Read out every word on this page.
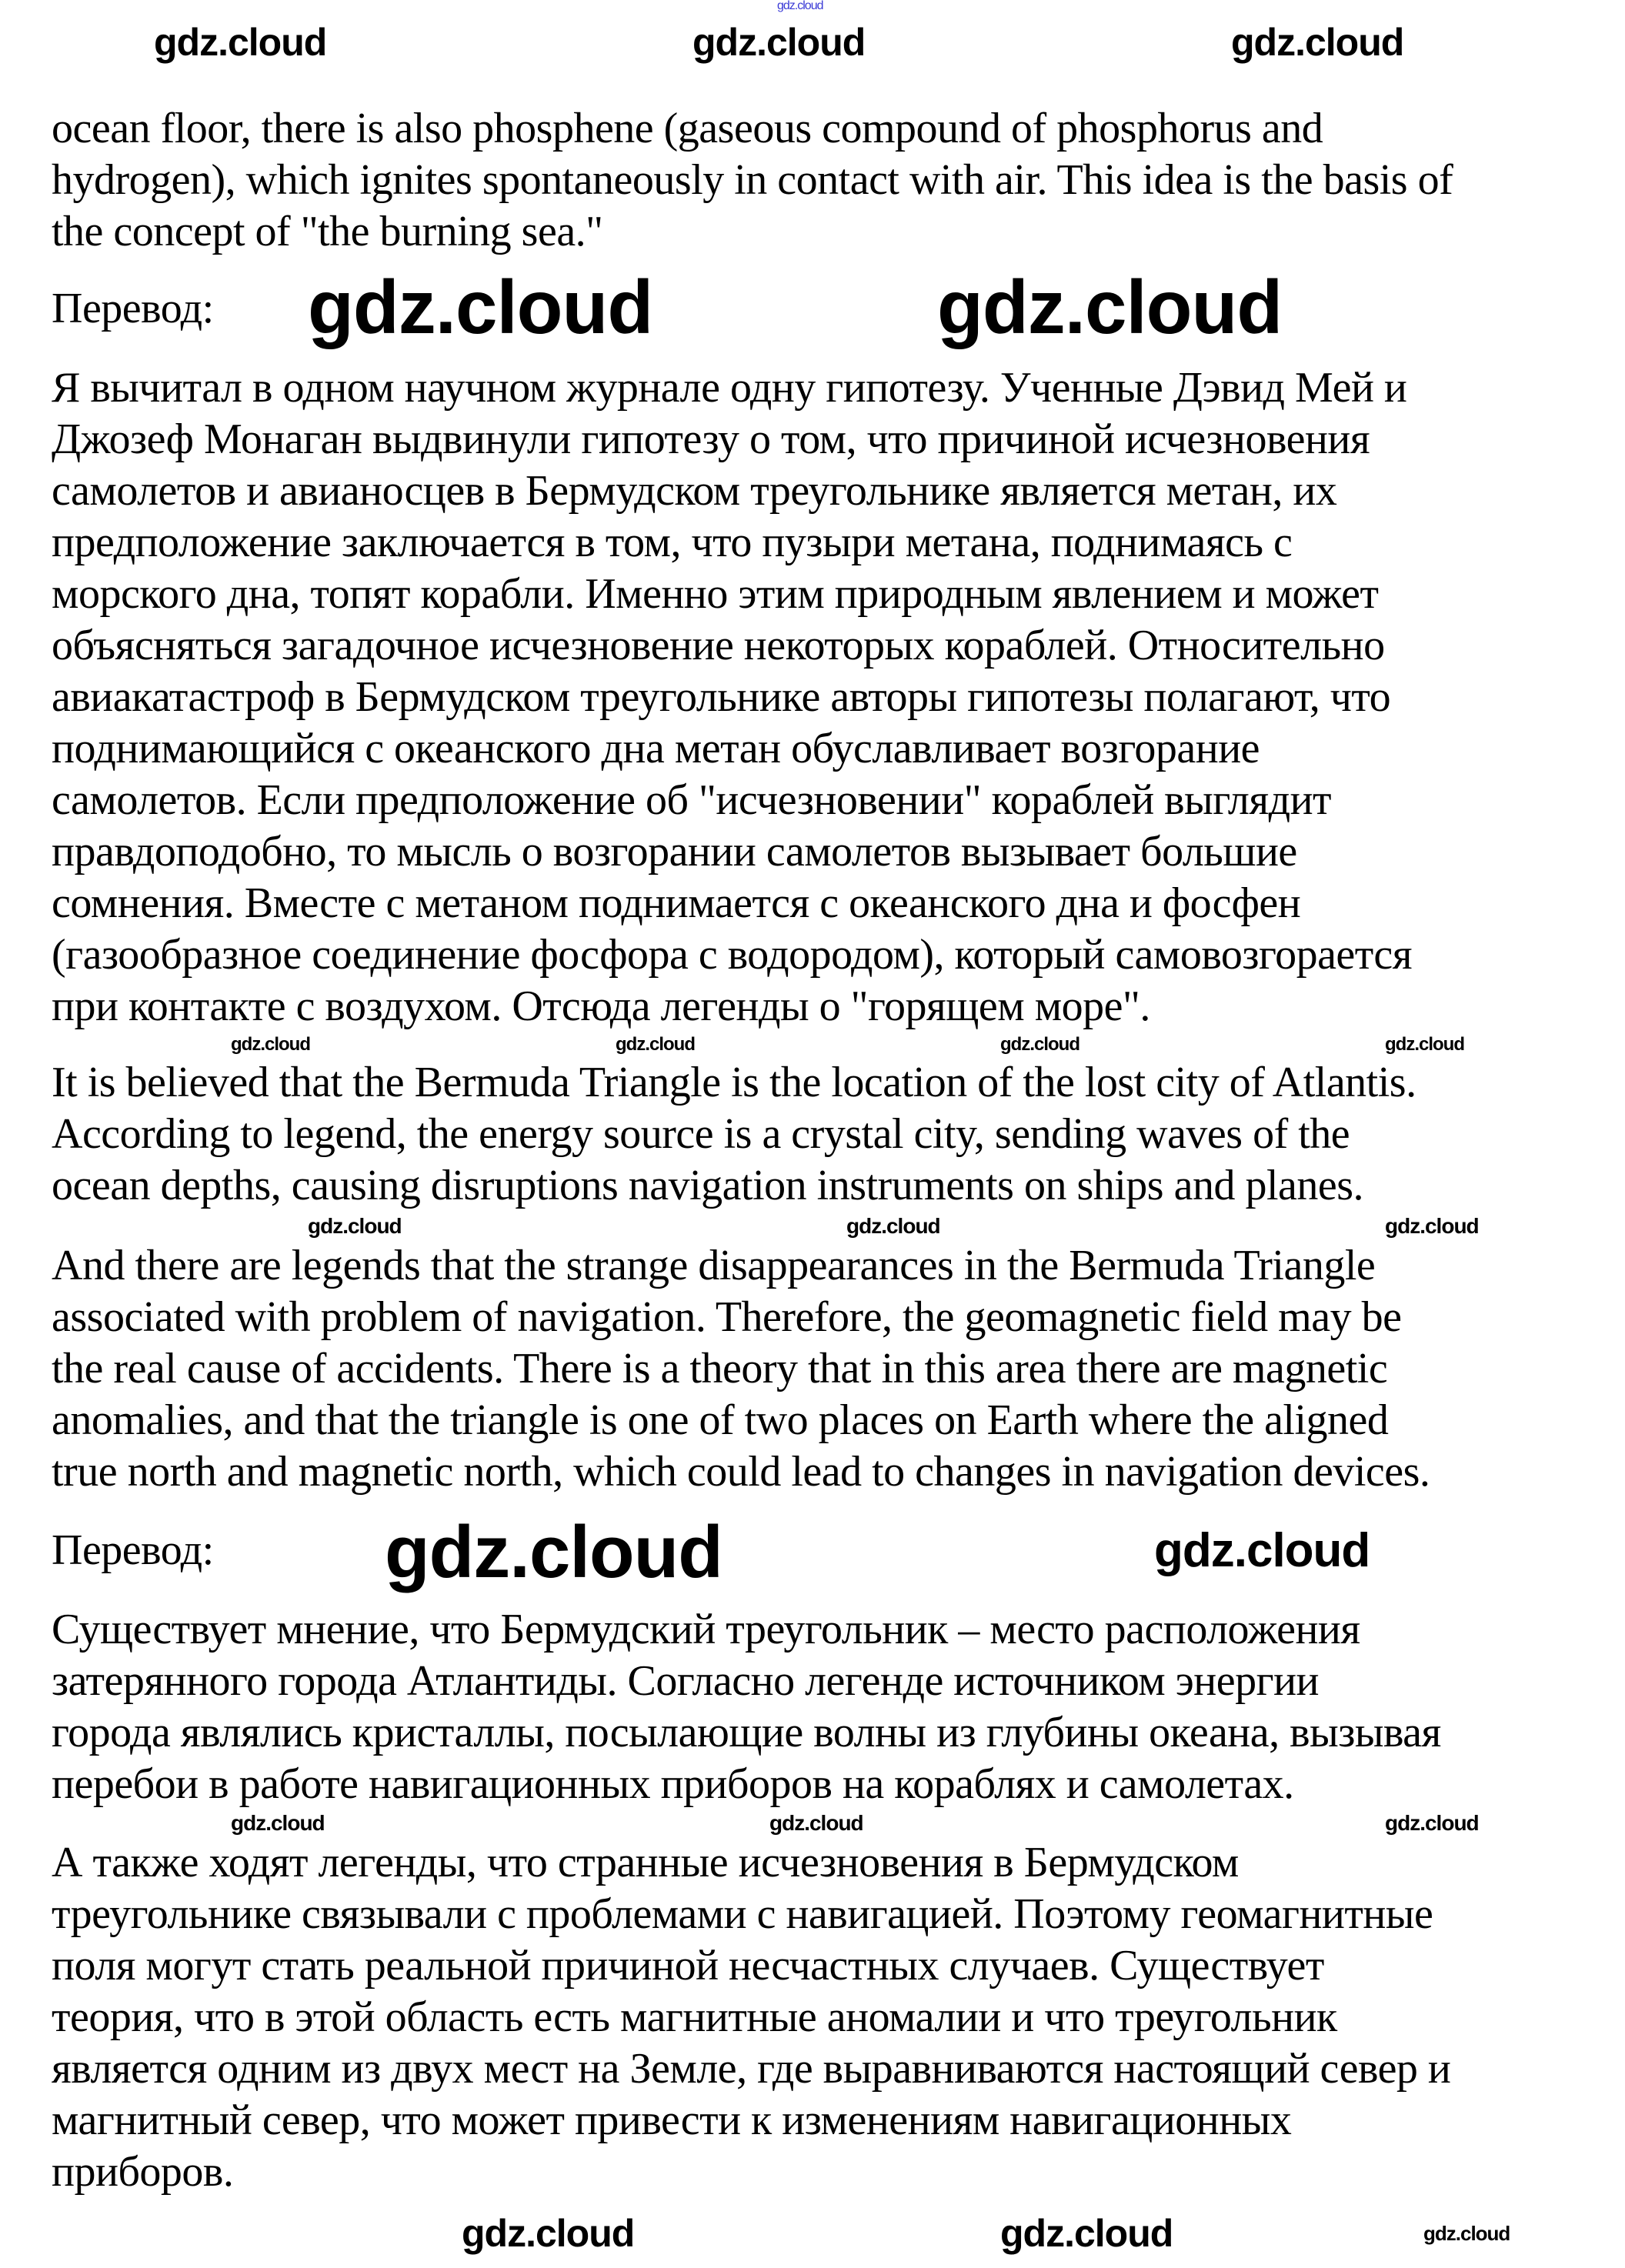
ocean floor, there is also phosphene (gaseous compound of phosphorus and
hydrogen), which ignites spontaneously in contact with air. This idea is the basis of
the concept of "the burning sea."
Перевод:
Я вычитал в одном научном журнале одну гипотезу. Ученные Дэвид Мей и
Джозеф Монаган выдвинули гипотезу о том, что причиной исчезновения
самолетов и авианосцев в Бермудском треугольнике является метан, их
предположение заключается в том, что пузыри метана, поднимаясь с
морского дна, топят корабли. Именно этим природным явлением и может
объясняться загадочное исчезновение некоторых кораблей. Относительно
авиакатастроф в Бермудском треугольнике авторы гипотезы полагают, что
поднимающийся с океанского дна метан обуславливает возгорание
самолетов. Если предположение об "исчезновении" кораблей выглядит
правдоподобно, то мысль о возгорании самолетов вызывает большие
сомнения. Вместе с метаном поднимается с океанского дна и фосфен
(газообразное соединение фосфора с водородом), который самовозгорается
при контакте с воздухом. Отсюда легенды о "горящем море".
It is believed that the Bermuda Triangle is the location of the lost city of Atlantis.
According to legend, the energy source is a crystal city, sending waves of the
ocean depths, causing disruptions navigation instruments on ships and planes.
And there are legends that the strange disappearances in the Bermuda Triangle
associated with problem of navigation. Therefore, the geomagnetic field may be
the real cause of accidents. There is a theory that in this area there are magnetic
anomalies, and that the triangle is one of two places on Earth where the aligned
true north and magnetic north, which could lead to changes in navigation devices.
Перевод:
Существует мнение, что Бермудский треугольник – место расположения
затерянного города Атлантиды. Согласно легенде источником энергии
города являлись кристаллы, посылающие волны из глубины океана, вызывая
перебои в работе навигационных приборов на кораблях и самолетах.
А также ходят легенды, что странные исчезновения в Бермудском
треугольнике связывали с проблемами с навигацией. Поэтому геомагнитные
поля могут стать реальной причиной несчастных случаев. Существует
теория, что в этой область есть магнитные аномалии и что треугольник
является одним из двух мест на Земле, где выравниваются настоящий север и
магнитный север, что может привести к изменениям навигационных
приборов.
gdz.cloud
gdz.cloud	gdz.cloud	gdz.cloud
gdz.cloud	gdz.cloud
gdz.cloud	gdz.cloud	gdz.cloud	gdz.cloud
gdz.cloud	gdz.cloud	gdz.cloud
gdz.cloud	gdz.cloud
gdz.cloud	gdz.cloud	gdz.cloud
gdz.cloud	gdz.cloud	gdz.cloud
